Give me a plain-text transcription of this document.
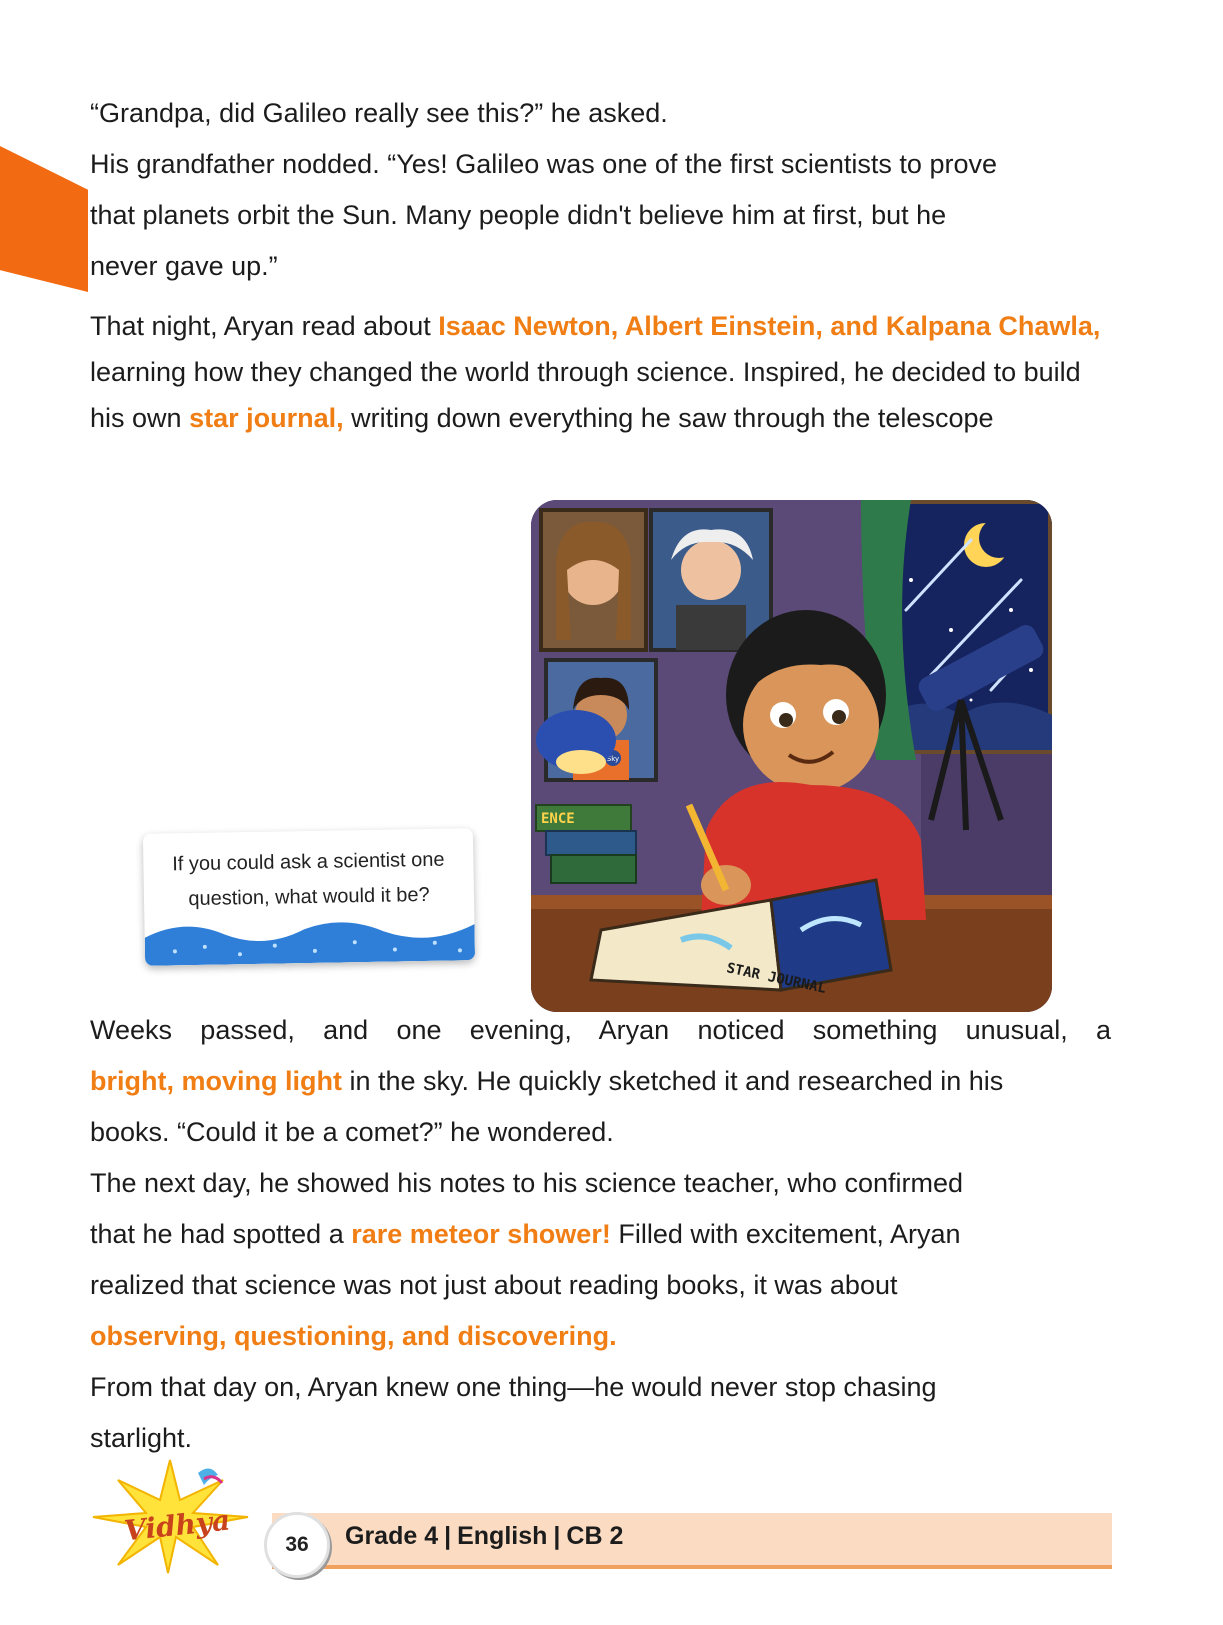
“Grandpa, did Galileo really see this?” he asked.

His grandfather nodded. “Yes! Galileo was one of the first scientists to prove

that planets orbit the Sun. Many people didn't believe him at first, but he

never gave up.”

That night, Aryan read about Isaac Newton, Albert Einstein, and Kalpana Chawla, learning how they changed the world through science. Inspired, he decided to build his own star journal, writing down everything he saw through the telescope

Sky
ENCE
STAR JOURNAL
If you could ask a scientist one
question, what would it be?

Weeks passed, and one evening, Aryan noticed something unusual, a

bright, moving light in the sky. He quickly sketched it and researched in his

books. “Could it be a comet?” he wondered.

The next day, he showed his notes to his science teacher, who confirmed

that he had spotted a rare meteor shower! Filled with excitement, Aryan

realized that science was not just about reading books, it was about

observing, questioning, and discovering.

From that day on, Aryan knew one thing—he would never stop chasing

starlight.

Vidhya	36	Grade 4 | English | CB 2
